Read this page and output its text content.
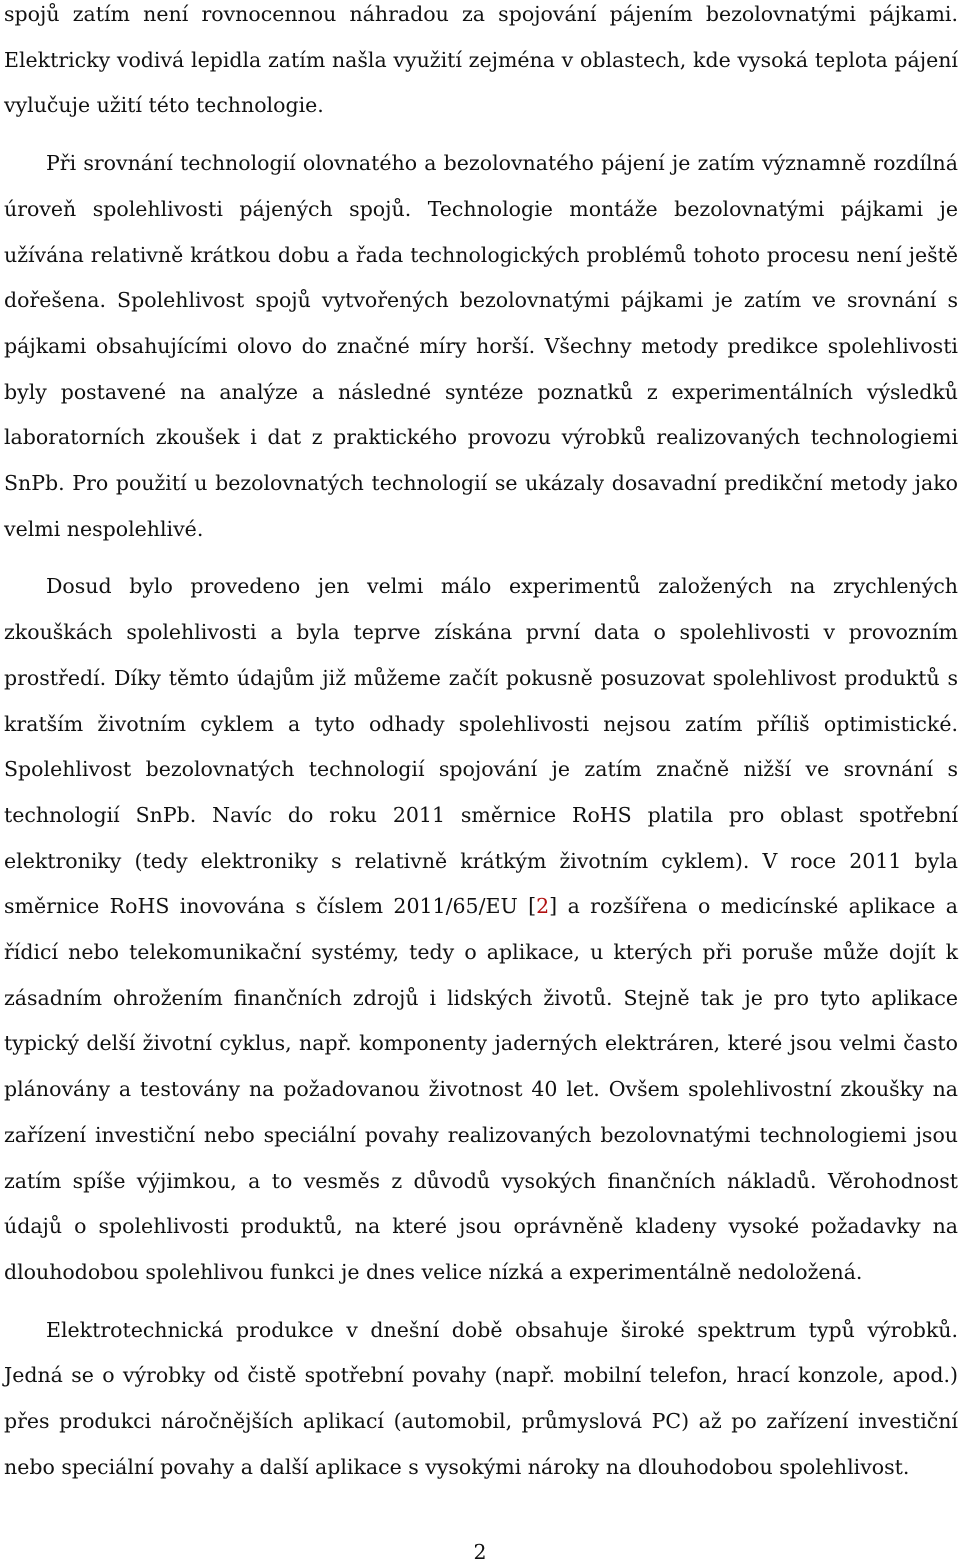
spojů zatím není rovnocennou náhradou za spojování pájením bezolovnatými pájkami. Elektricky vodivá lepidla zatím našla využití zejména v oblastech, kde vysoká teplota pájení vylučuje užití této technologie.

Při srovnání technologií olovnatého a bezolovnatého pájení je zatím významně rozdílná úroveň spolehlivosti pájených spojů. Technologie montáže bezolovnatými pájkami je užívána relativně krátkou dobu a řada technologických problémů tohoto procesu není ještě dořešena. Spolehlivost spojů vytvořených bezolovnatými pájkami je zatím ve srovnání s pájkami obsahujícími olovo do značné míry horší. Všechny metody predikce spolehlivosti byly postavené na analýze a následné syntéze poznatků z experimentálních výsledků laboratorních zkoušek i dat z praktického provozu výrobků realizovaných technologiemi SnPb. Pro použití u bezolovnatých technologií se ukázaly dosavadní predikční metody jako velmi nespolehlivé.

Dosud bylo provedeno jen velmi málo experimentů založených na zrychlených zkouškách spolehlivosti a byla teprve získána první data o spolehlivosti v provozním prostředí. Díky těmto údajům již můžeme začít pokusně posuzovat spolehlivost produktů s kratším životním cyklem a tyto odhady spolehlivosti nejsou zatím příliš optimistické. Spolehlivost bezolovnatých technologií spojování je zatím značně nižší ve srovnání s technologií SnPb. Navíc do roku 2011 směrnice RoHS platila pro oblast spotřební elektroniky (tedy elektroniky s relativně krátkým životním cyklem). V roce 2011 byla směrnice RoHS inovována s číslem 2011/65/EU [2] a rozšířena o medicínské aplikace a řídicí nebo telekomunikační systémy, tedy o aplikace, u kterých při poruše může dojít k zásadním ohrožením finančních zdrojů i lidských životů. Stejně tak je pro tyto aplikace typický delší životní cyklus, např. komponenty jaderných elektráren, které jsou velmi často plánovány a testovány na požadovanou životnost 40 let. Ovšem spolehlivostní zkoušky na zařízení investiční nebo speciální povahy realizovaných bezolovnatými technologiemi jsou zatím spíše výjimkou, a to vesměs z důvodů vysokých finančních nákladů. Věrohodnost údajů o spolehlivosti produktů, na které jsou oprávněně kladeny vysoké požadavky na dlouhodobou spolehlivou funkci je dnes velice nízká a experimentálně nedoložená.

Elektrotechnická produkce v dnešní době obsahuje široké spektrum typů výrobků. Jedná se o výrobky od čistě spotřební povahy (např. mobilní telefon, hrací konzole, apod.) přes produkci náročnějších aplikací (automobil, průmyslová PC) až po zařízení investiční nebo speciální povahy a další aplikace s vysokými nároky na dlouhodobou spolehlivost.

2
